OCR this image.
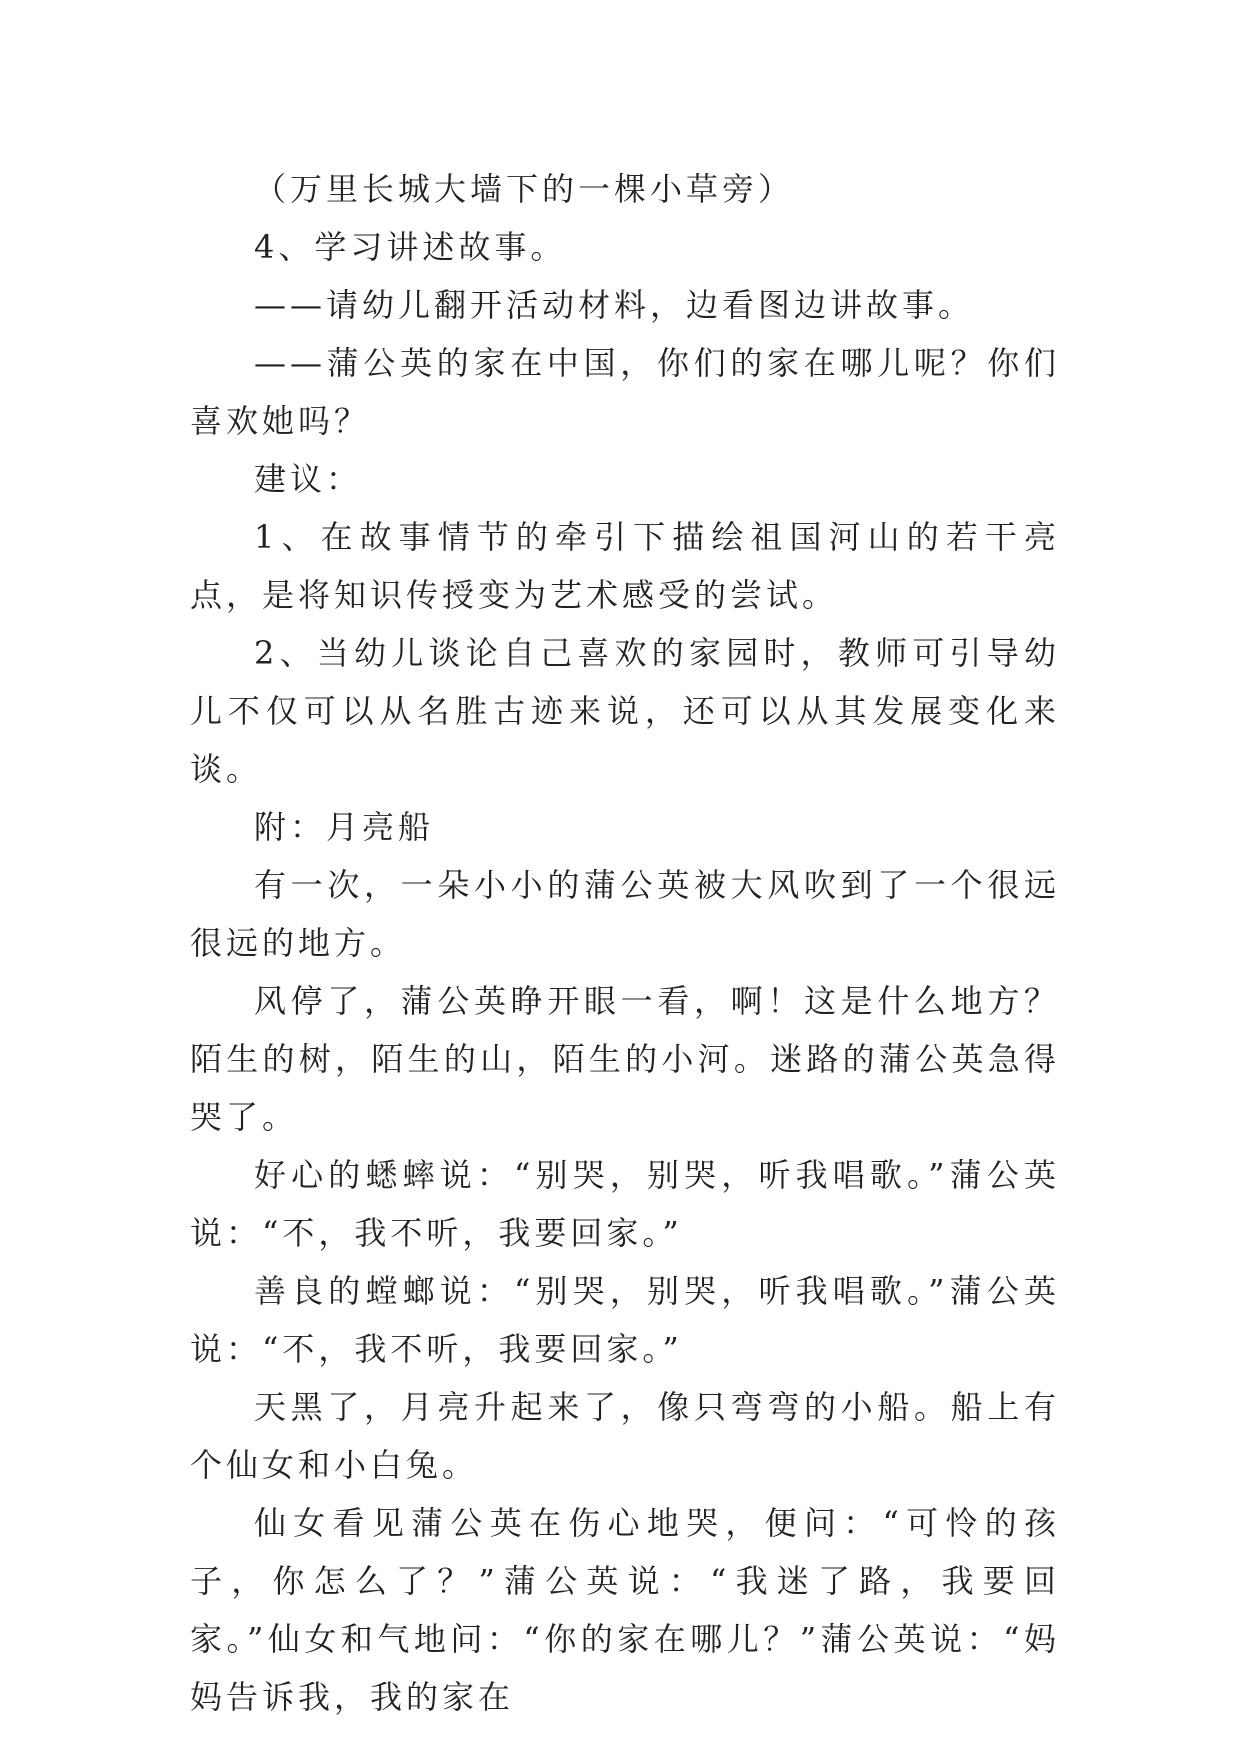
（万里长城大墙下的一棵小草旁）

4、学习讲述故事。

——请幼儿翻开活动材料，边看图边讲故事。

——蒲公英的家在中国，你们的家在哪儿呢？你们喜欢她吗？

建议：

1、在故事情节的牵引下描绘祖国河山的若干亮点，是将知识传授变为艺术感受的尝试。

2、当幼儿谈论自己喜欢的家园时，教师可引导幼儿不仅可以从名胜古迹来说，还可以从其发展变化来谈。

附：月亮船

有一次，一朵小小的蒲公英被大风吹到了一个很远很远的地方。

风停了，蒲公英睁开眼一看，啊！这是什么地方？陌生的树，陌生的山，陌生的小河。迷路的蒲公英急得哭了。

好心的蟋蟀说：“别哭，别哭，听我唱歌。”蒲公英说：“不，我不听，我要回家。”

善良的螳螂说：“别哭，别哭，听我唱歌。”蒲公英说：“不，我不听，我要回家。”

天黑了，月亮升起来了，像只弯弯的小船。船上有个仙女和小白兔。

仙女看见蒲公英在伤心地哭，便问：“可怜的孩子，你怎么了？”蒲公英说：“我迷了路，我要回家。”仙女和气地问：“你的家在哪儿？”蒲公英说：“妈妈告诉我，我的家在
